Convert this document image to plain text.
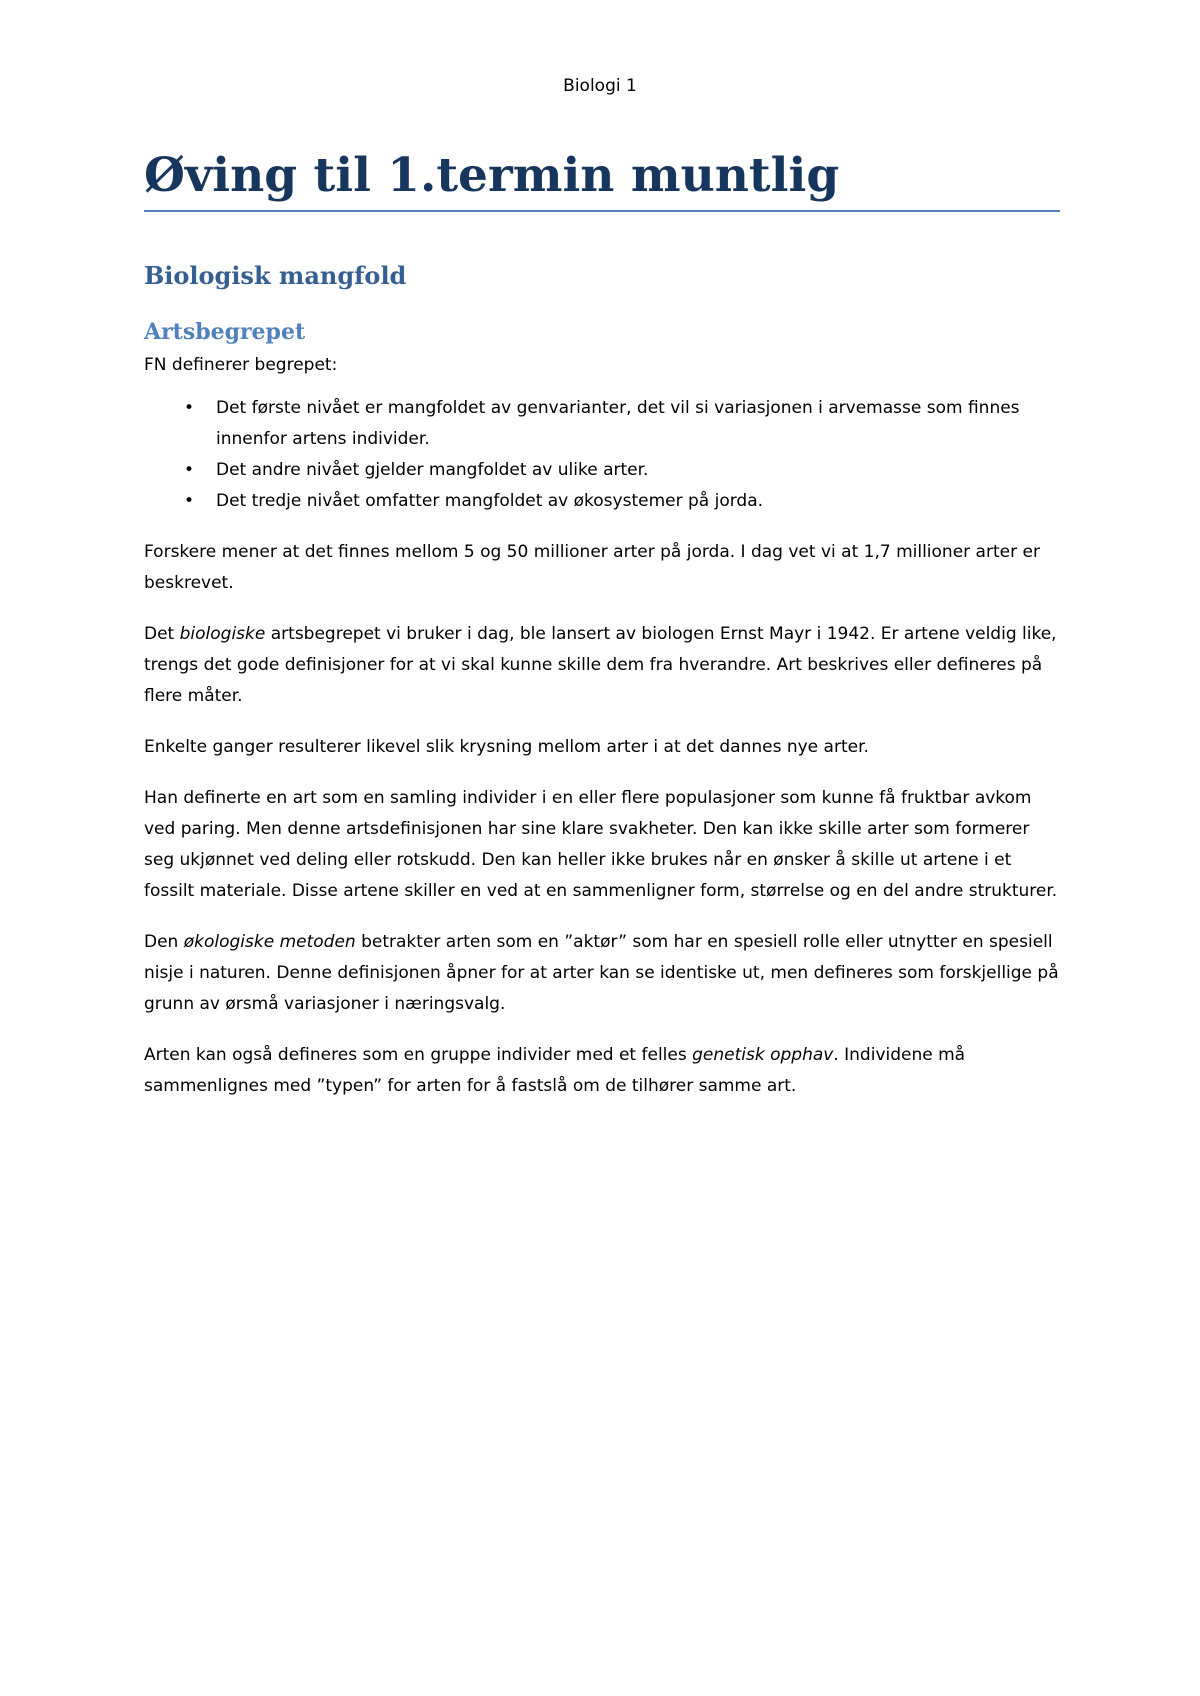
Biologi 1
Øving til 1.termin muntlig
Biologisk mangfold
Artsbegrepet

FN definerer begrepet:

• Det første nivået er mangfoldet av genvarianter, det vil si variasjonen i arvemasse som finnes innenfor artens individer.
• Det andre nivået gjelder mangfoldet av ulike arter.
• Det tredje nivået omfatter mangfoldet av økosystemer på jorda.

Forskere mener at det finnes mellom 5 og 50 millioner arter på jorda. I dag vet vi at 1,7 millioner arter er beskrevet.

Det biologiske artsbegrepet vi bruker i dag, ble lansert av biologen Ernst Mayr i 1942. Er artene veldig like, trengs det gode definisjoner for at vi skal kunne skille dem fra hverandre. Art beskrives eller defineres på flere måter.

Enkelte ganger resulterer likevel slik krysning mellom arter i at det dannes nye arter.

Han definerte en art som en samling individer i en eller flere populasjoner som kunne få fruktbar avkom ved paring. Men denne artsdefinisjonen har sine klare svakheter. Den kan ikke skille arter som formerer seg ukjønnet ved deling eller rotskudd. Den kan heller ikke brukes når en ønsker å skille ut artene i et fossilt materiale. Disse artene skiller en ved at en sammenligner form, størrelse og en del andre strukturer.

Den økologiske metoden betrakter arten som en ”aktør” som har en spesiell rolle eller utnytter en spesiell nisje i naturen. Denne definisjonen åpner for at arter kan se identiske ut, men defineres som forskjellige på grunn av ørsmå variasjoner i næringsvalg.

Arten kan også defineres som en gruppe individer med et felles genetisk opphav. Individene må sammenlignes med ”typen” for arten for å fastslå om de tilhører samme art.
